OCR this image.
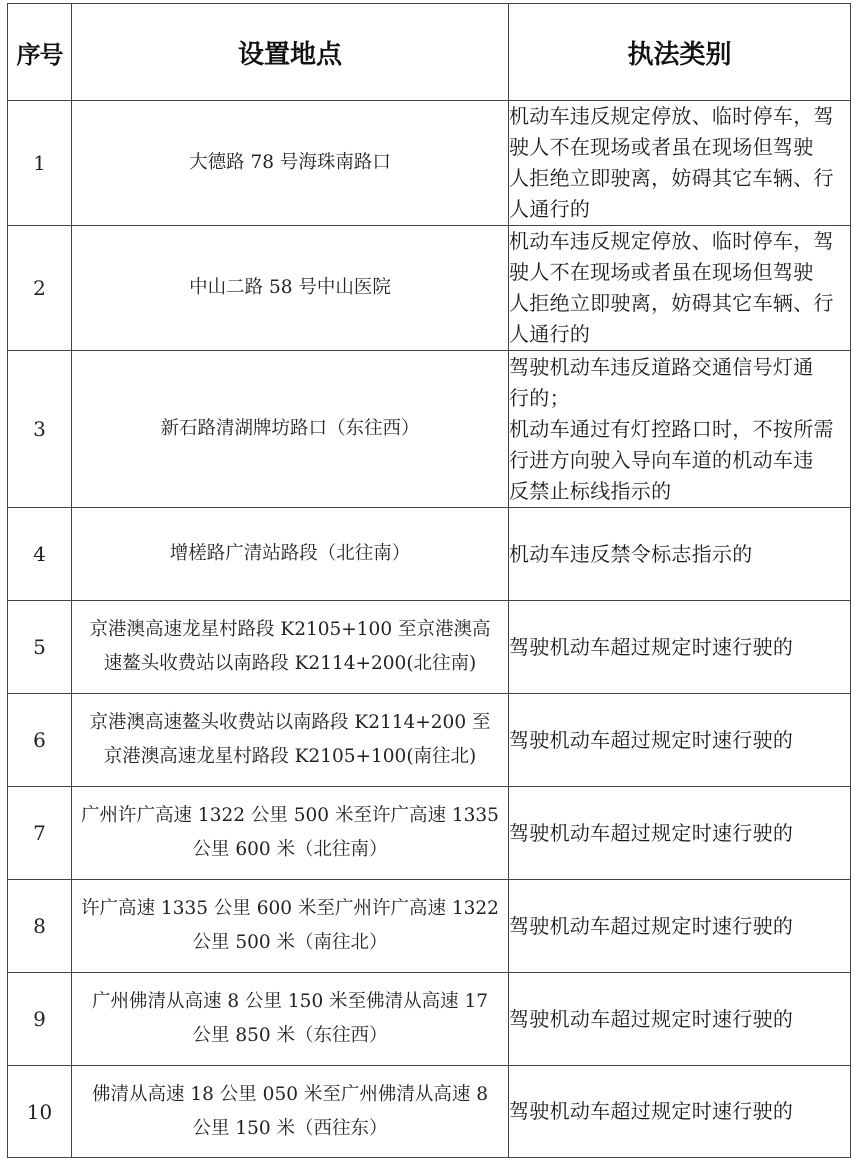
序号	设置地点	执法类别
1	大德路 78 号海珠南路口	机动车违反规定停放、临时停车，驾
驶人不在现场或者虽在现场但驾驶
人拒绝立即驶离，妨碍其它车辆、行
人通行的

2	中山二路 58 号中山医院	机动车违反规定停放、临时停车，驾
驶人不在现场或者虽在现场但驾驶
人拒绝立即驶离，妨碍其它车辆、行
人通行的

3	新石路清湖牌坊路口（东往西）	驾驶机动车违反道路交通信号灯通
行的；
机动车通过有灯控路口时，不按所需
行进方向驶入导向车道的机动车违
反禁止标线指示的

4	增槎路广清站路段（北往南）	机动车违反禁令标志指示的

5	京港澳高速龙星村路段 K2105+100 至京港澳高
速鳌头收费站以南路段 K2114+200(北往南)	驾驶机动车超过规定时速行驶的

6	京港澳高速鳌头收费站以南路段 K2114+200 至
京港澳高速龙星村路段 K2105+100(南往北)	驾驶机动车超过规定时速行驶的

7	广州许广高速 1322 公里 500 米至许广高速 1335
公里 600 米（北往南）	驾驶机动车超过规定时速行驶的

8	许广高速 1335 公里 600 米至广州许广高速 1322
公里 500 米（南往北）	驾驶机动车超过规定时速行驶的

9	广州佛清从高速 8 公里 150 米至佛清从高速 17
公里 850 米（东往西）	驾驶机动车超过规定时速行驶的

10	佛清从高速 18 公里 050 米至广州佛清从高速 8
公里 150 米（西往东）	驾驶机动车超过规定时速行驶的
